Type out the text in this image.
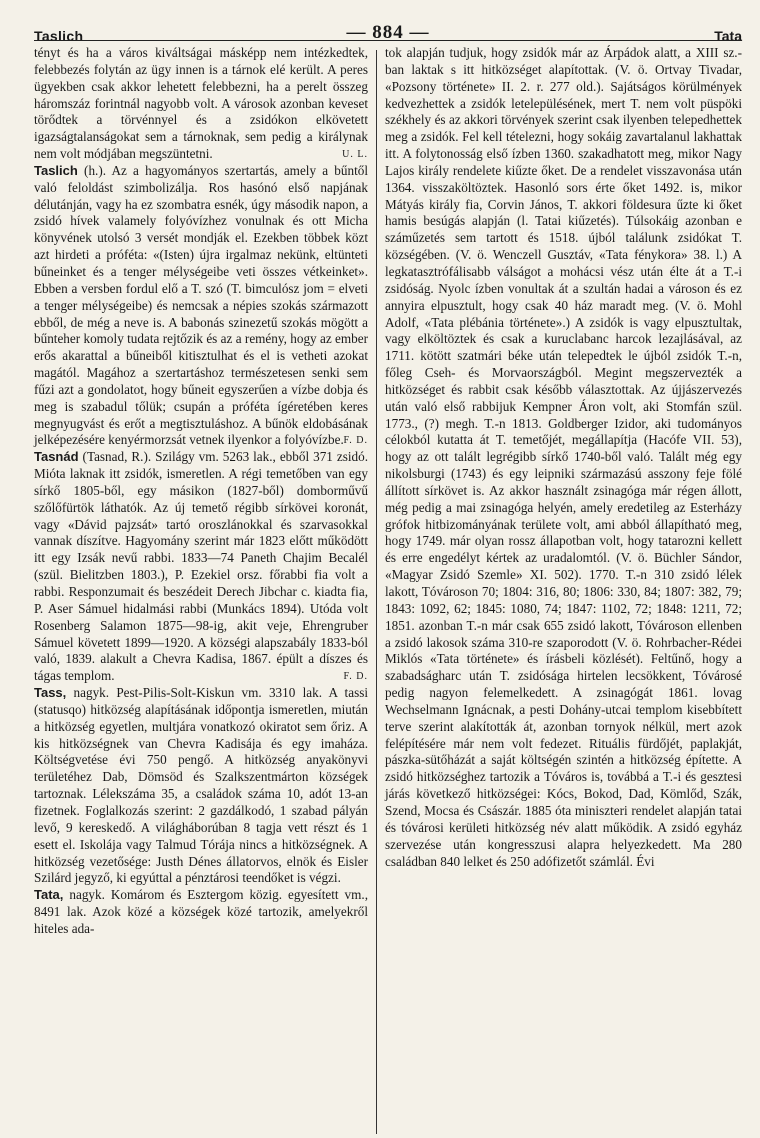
Taslich	— 884 —	Tata

tényt és ha a város kiváltságai másképp nem intézkedtek, felebbezés folytán az ügy innen is a tárnok elé került. A peres ügyekben csak akkor lehetett felebbezni, ha a perelt összeg háromszáz forintnál nagyobb volt. A városok azonban keveset törődtek a törvénnyel és a zsidókon elkövetett igazságtalanságokat sem a tárnoknak, sem pedig a királynak nem volt módjában megszüntetni.	U. L.

Taslich (h.). Az a hagyományos szertartás, amely a bűntől való feloldást szimbolizálja. Ros hasónó első napjának délutánján, vagy ha ez szombatra esnék, úgy második napon, a zsidó hívek valamely folyóvízhez vonulnak és ott Micha könyvének utolsó 3 versét mondják el. Ezekben többek közt azt hirdeti a próféta: «(Isten) újra irgalmaz nekünk, eltünteti bűneinket és a tenger mélységeibe veti összes vétkeinket». Ebben a versben fordul elő a T. szó (T. bimculósz jom = elveti a tenger mélységeibe) és nemcsak a népies szokás származott ebből, de még a neve is. A babonás szinezetű szokás mögött a bűnteher komoly tudata rejtőzik és az a remény, hogy az ember erős akarattal a bűneiből kitisztulhat és el is vetheti azokat magától. Magához a szertartáshoz természetesen senki sem fűzi azt a gondolatot, hogy bűneit egyszerűen a vízbe dobja és meg is szabadul tőlük; csupán a próféta ígéretében keres megnyugvást és erőt a megtisztuláshoz. A bűnök eldobásának jelképezésére kenyérmorzsát vetnek ilyenkor a folyóvízbe. F. D.

Tasnád (Tasnad, R.). Szilágy vm. 5263 lak., ebből 371 zsidó. Mióta laknak itt zsidók, ismeretlen. A régi temetőben van egy sírkő 1805-ből, egy másikon (1827-ből) domborművű szőlőfürtök láthatók. Az új temető régibb sírkövei koronát, vagy «Dávid pajzsát» tartó oroszlánokkal és szarvasokkal vannak díszítve. Hagyomány szerint már 1823 előtt működött itt egy Izsák nevű rabbi. 1833—74 Paneth Chajim Becalél (szül. Bielitzben 1803.), P. Ezekiel orsz. főrabbi fia volt a rabbi. Responzumait és beszédeit Derech Jibchar c. kiadta fia, P. Aser Sámuel hidalmási rabbi (Munkács 1894). Utóda volt Rosenberg Salamon 1875—98-ig, akit veje, Ehrengruber Sámuel követett 1899—1920. A községi alapszabály 1833-ból való, 1839. alakult a Chevra Kadisa, 1867. épült a díszes és tágas templom.	F. D.

Tass, nagyk. Pest-Pilis-Solt-Kiskun vm. 3310 lak. A tassi (statusqo) hitközség alapításának időpontja ismeretlen, miután a hitközség egyetlen, multjára vonatkozó okiratot sem őriz. A kis hitközségnek van Chevra Kadisája és egy imaháza. Költségvetése évi 750 pengő. A hitközség anyakönyvi területéhez Dab, Dömsöd és Szalkszentmárton községek tartoznak. Lélekszáma 35, a családok száma 10, adót 13-an fizetnek. Foglalkozás szerint: 2 gazdálkodó, 1 szabad pályán levő, 9 kereskedő. A világháborúban 8 tagja vett részt és 1 esett el. Iskolája vagy Talmud Tórája nincs a hitközségnek. A hitközség vezetősége: Justh Dénes állatorvos, elnök és Eisler Szilárd jegyző, ki egyúttal a pénztárosi teendőket is végzi.

Tata, nagyk. Komárom és Esztergom közig. egyesített vm., 8491 lak. Azok közé a községek közé tartozik, amelyekről hiteles ada-

tok alapján tudjuk, hogy zsidók már az Árpádok alatt, a XIII sz.-ban laktak s itt hitközséget alapítottak. (V. ö. Ortvay Tivadar, «Pozsony története» II. 2. r. 277 old.). Sajátságos körülmények kedvezhettek a zsidók letelepülésének, mert T. nem volt püspöki székhely és az akkori törvények szerint csak ilyenben telepedhettek meg a zsidók. Fel kell tételezni, hogy sokáig zavartalanul lakhattak itt. A folytonosság első ízben 1360. szakadhatott meg, mikor Nagy Lajos király rendelete kiűzte őket. De a rendelet visszavonása után 1364. visszaköltöztek. Hasonló sors érte őket 1492. is, mikor Mátyás király fia, Corvin János, T. akkori földesura űzte ki őket hamis besúgás alapján (l. Tatai kiűzetés). Túlsokáig azonban e száműzetés sem tartott és 1518. újból találunk zsidókat T. községében. (V. ö. Wenczell Gusztáv, «Tata fénykora» 38. l.) A legkatasztrófálisabb válságot a mohácsi vész után élte át a T.-i zsidóság. Nyolc ízben vonultak át a szultán hadai a városon és ez annyira elpusztult, hogy csak 40 ház maradt meg. (V. ö. Mohl Adolf, «Tata plébánia története».) A zsidók is vagy elpusztultak, vagy elköltöztek és csak a kuruclabanc harcok lezajlásával, az 1711. kötött szatmári béke után telepedtek le újból zsidók T.-n, főleg Cseh- és Morvaországból. Megint megszervezték a hitközséget és rabbit csak később választottak. Az újjászervezés után való első rabbijuk Kempner Áron volt, aki Stomfán szül. 1773., (?) megh. T.-n 1813. Goldberger Izidor, aki tudományos célokból kutatta át T. temetőjét, megállapítja (Hacófe VII. 53), hogy az ott talált legrégibb sírkő 1740-ből való. Talált még egy nikolsburgi (1743) és egy leipniki származású asszony feje fölé állított sírkövet is. Az akkor használt zsinagóga már régen állott, még pedig a mai zsinagóga helyén, amely eredetileg az Esterházy grófok hitbizományának területe volt, ami abból állapítható meg, hogy 1749. már olyan rossz állapotban volt, hogy tatarozni kellett és erre engedélyt kértek az uradalomtól. (V. ö. Büchler Sándor, «Magyar Zsidó Szemle» XI. 502). 1770. T.-n 310 zsidó lélek lakott, Tóvároson 70; 1804: 316, 80; 1806: 330, 84; 1807: 382, 79; 1843: 1092, 62; 1845: 1080, 74; 1847: 1102, 72; 1848: 1211, 72; 1851. azonban T.-n már csak 655 zsidó lakott, Tóvároson ellenben a zsidó lakosok száma 310-re szaporodott (V. ö. Rohrbacher-Rédei Miklós «Tata története» és írásbeli közlését). Feltűnő, hogy a szabadságharc után T. zsidósága hirtelen lecsökkent, Tóvárosé pedig nagyon felemelkedett. A zsinagógát 1861. lovag Wechselmann Ignácnak, a pesti Dohány-utcai templom kisebbített terve szerint alakították át, azonban tornyok nélkül, mert azok felépítésére már nem volt fedezet. Rituális fürdőjét, paplakját, pászka-sütőházát a saját költségén szintén a hitközség építette. A zsidó hitközséghez tartozik a Tóváros is, továbbá a T.-i és gesztesi járás következő hitközségei: Kócs, Bokod, Dad, Kömlőd, Szák, Szend, Mocsa és Császár. 1885 óta miniszteri rendelet alapján tatai és tóvárosi kerületi hitközség név alatt működik. A zsidó egyház szervezése után kongresszusi alapra helyezkedett. Ma 280 családban 840 lelket és 250 adófizetőt számlál. Évi
